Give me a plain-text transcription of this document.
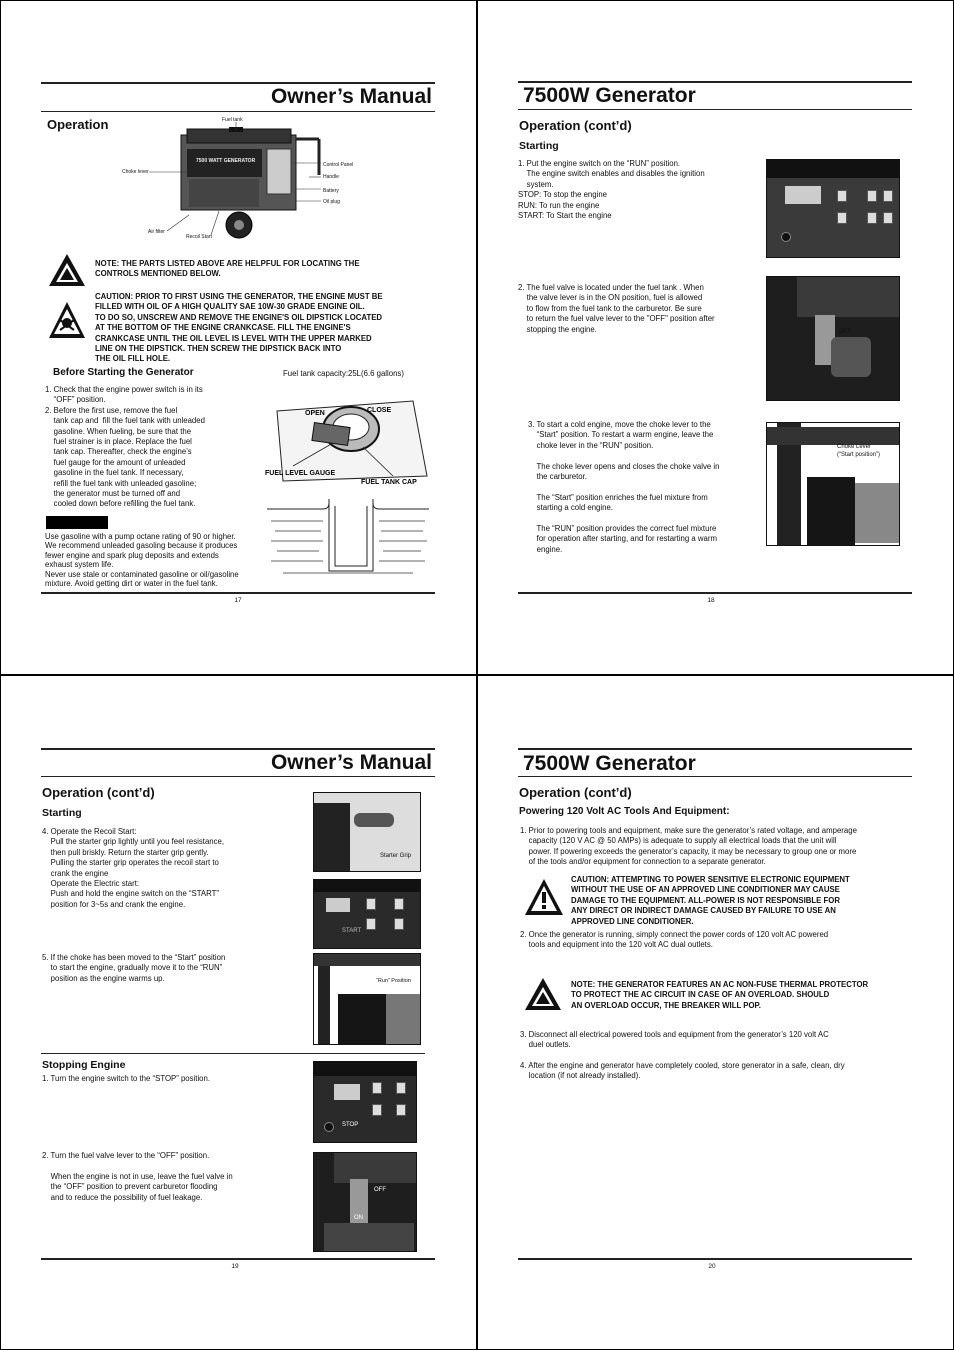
Owner’s Manual
Operation
7500 WATT GENERATOR
Fuel tank
Choke lever
Control Panel
Handle
Battery
Oil plug
Air filter
Recoil Start
NOTE: THE PARTS LISTED ABOVE ARE HELPFUL FOR LOCATING THE
CONTROLS MENTIONED BELOW.
CAUTION: PRIOR TO FIRST USING THE GENERATOR, THE ENGINE MUST BE
FILLED WITH OIL OF A HIGH QUALITY SAE 10W-30 GRADE ENGINE OIL.
TO DO SO, UNSCREW AND REMOVE THE ENGINE'S OIL DIPSTICK LOCATED
AT THE BOTTOM OF THE ENGINE CRANKCASE. FILL THE ENGINE'S
CRANKCASE UNTIL THE OIL LEVEL IS LEVEL WITH THE UPPER MARKED
LINE ON THE DIPSTICK. THEN SCREW THE DIPSTICK BACK INTO
THE OIL FILL HOLE.
Before Starting the Generator	Fuel tank capacity:25L(6.6 gallons)
1. Check that the engine power switch is in its
“OFF” position.
2. Before the first use, remove the fuel
tank cap and  fill the fuel tank with unleaded
gasoline. When fueling, be sure that the
fuel strainer is in place. Replace the fuel
tank cap. Thereafter, check the engine’s
fuel gauge for the amount of unleaded
gasoline in the fuel tank. If necessary,
refill the fuel tank with unleaded gasoline;
the generator must be turned off and
cooled down before refilling the fuel tank.
OPEN	CLOSE
FUEL LEVEL GAUGE
FUEL TANK CAP
Use gasoline with a pump octane rating of 90 or higher.
We recommend unleaded gasoling because it produces
fewer engine and spark plug deposits and extends
exhaust system life.
Never use stale or contaminated gasoline or oil/gasoline
mixture. Avoid getting dirt or water in the fuel tank.
17
7500W Generator
Operation (cont’d)
Starting
1. Put the engine switch on the “RUN” position.
The engine switch enables and disables the ignition
system.
STOP: To stop the engine
RUN: To run the engine
START: To Start the engine
2. The fuel valve is located under the fuel tank . When
the valve lever is in the ON position, fuel is allowed
to flow from the fuel tank to the carburetor. Be sure
to return the fuel valve lever to the "OFF" position after
stopping the engine.	OFF
3. To start a cold engine, move the choke lever to the
“Start” position. To restart a warm engine, leave the
choke lever in the “RUN” position.

The choke lever opens and closes the choke valve in
the carburetor.

The “Start” position enriches the fuel mixture from
starting a cold engine.

The “RUN” position provides the correct fuel mixture
for operation after starting, and for restarting a warm
engine.
Choke Lever
(“Start position”)
18
Owner’s Manual
Operation (cont’d)
Starting
4. Operate the Recoil Start:
Pull the starter grip lightly until you feel resistance,
then pull briskly. Return the starter grip gently.
Pulling the starter grip operates the recoil start to
crank the engine
Operate the Electric start:
Push and hold the engine switch on the “START”
position for 3~5s and crank the engine.
Starter Grip
START
5. If the choke has been moved to the “Start” position
to start the engine, gradually move it to the “RUN”
position as the engine warms up.	“Run” Position
Stopping Engine
1. Turn the engine switch to the “STOP” position.
STOP
2. Turn the fuel valve lever to the “OFF” position.

When the engine is not in use, leave the fuel valve in
the “OFF” position to prevent carburetor flooding
and to reduce the possibility of fuel leakage.
OFF
ON
19
7500W Generator
Operation (cont’d)
Powering 120 Volt AC Tools And Equipment:
1. Prior to powering tools and equipment, make sure the generator’s rated voltage, and amperage
capacity (120 V AC @ 50 AMPs) is adequate to supply all electrical loads that the unit will
power. If powering exceeds the generator’s capacity, it may be necessary to group one or more
of the tools and/or equipment for connection to a separate generator.
CAUTION: ATTEMPTING TO POWER SENSITIVE ELECTRONIC EQUIPMENT
WITHOUT THE USE OF AN APPROVED LINE CONDITIONER MAY CAUSE
DAMAGE TO THE EQUIPMENT. ALL-POWER IS NOT RESPONSIBLE FOR
ANY DIRECT OR INDIRECT DAMAGE CAUSED BY FAILURE TO USE AN
APPROVED LINE CONDITIONER.
2. Once the generator is running, simply connect the power cords of 120 volt AC powered
tools and equipment into the 120 volt AC dual outlets.
NOTE: THE GENERATOR FEATURES AN AC NON-FUSE THERMAL PROTECTOR
TO PROTECT THE AC CIRCUIT IN CASE OF AN OVERLOAD. SHOULD
AN OVERLOAD OCCUR, THE BREAKER WILL POP.
3. Disconnect all electrical powered tools and equipment from the generator’s 120 volt AC
duel outlets.
4. After the engine and generator have completely cooled, store generator in a safe, clean, dry
location (if not already installed).
20
